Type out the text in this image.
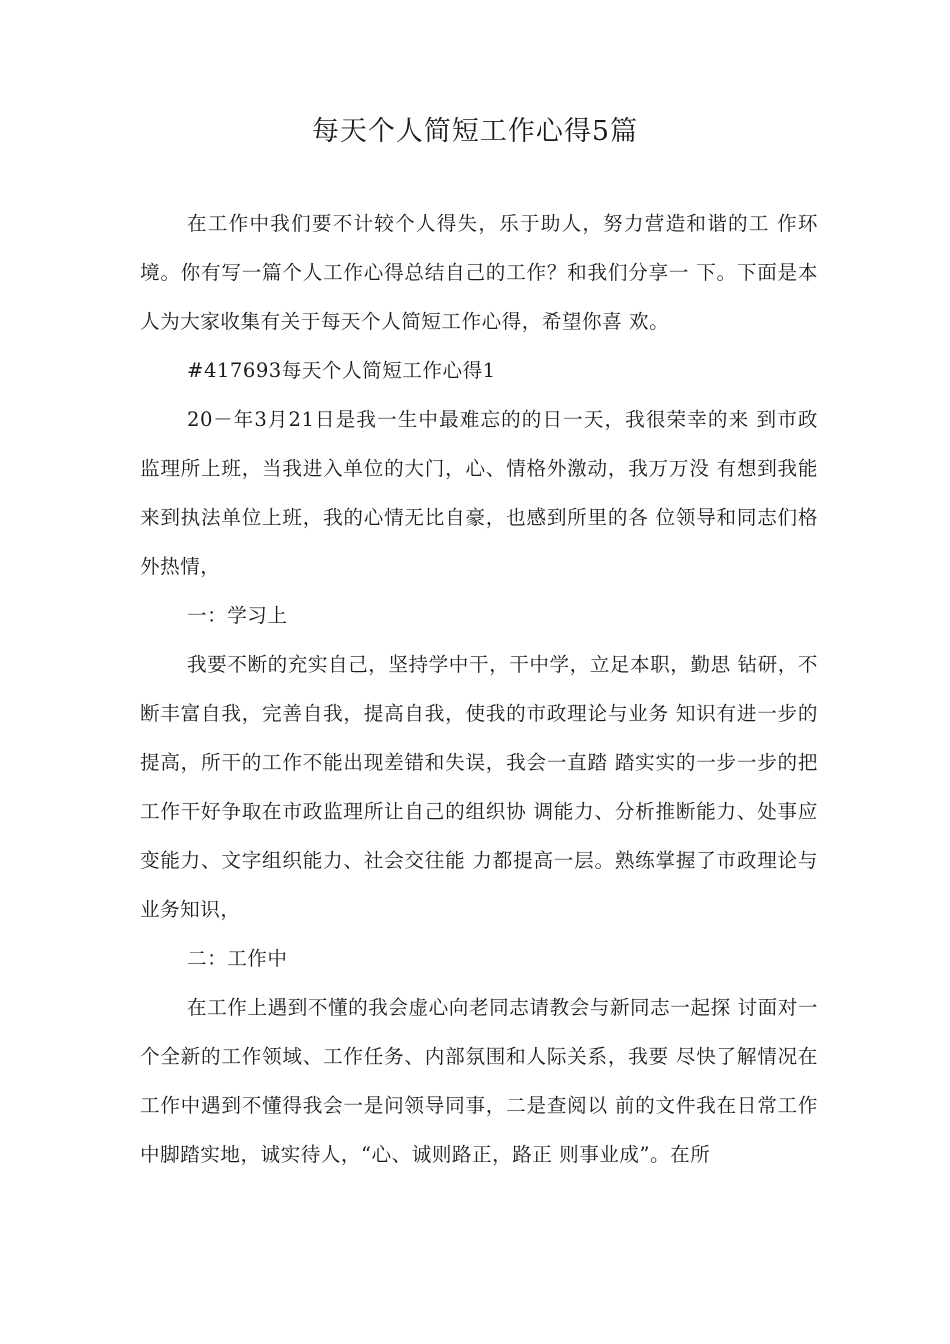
每天个人简短工作心得5篇

在工作中我们要不计较个人得失，乐于助人，努力营造和谐的工 作环境。你有写一篇个人工作心得总结自己的工作？和我们分享一 下。下面是本人为大家收集有关于每天个人简短工作心得，希望你喜 欢。

#417693每天个人简短工作心得1

20－年3月21日是我一生中最难忘的的日一天，我很荣幸的来 到市政监理所上班，当我进入单位的大门，心、情格外激动，我万万没 有想到我能来到执法单位上班，我的心情无比自豪，也感到所里的各 位领导和同志们格外热情，

一：学习上

我要不断的充实自己，坚持学中干，干中学，立足本职，勤思 钻研，不断丰富自我，完善自我，提高自我，使我的市政理论与业务 知识有进一步的提高，所干的工作不能出现差错和失误，我会一直踏 踏实实的一步一步的把工作干好争取在市政监理所让自己的组织协 调能力、分析推断能力、处事应变能力、文字组织能力、社会交往能 力都提高一层。熟练掌握了市政理论与业务知识，

二：工作中

在工作上遇到不懂的我会虚心向老同志请教会与新同志一起探 讨面对一个全新的工作领域、工作任务、内部氛围和人际关系，我要 尽快了解情况在工作中遇到不懂得我会一是问领导同事，二是查阅以 前的文件我在日常工作中脚踏实地，诚实待人，“心、诚则路正，路正 则事业成”。在所
